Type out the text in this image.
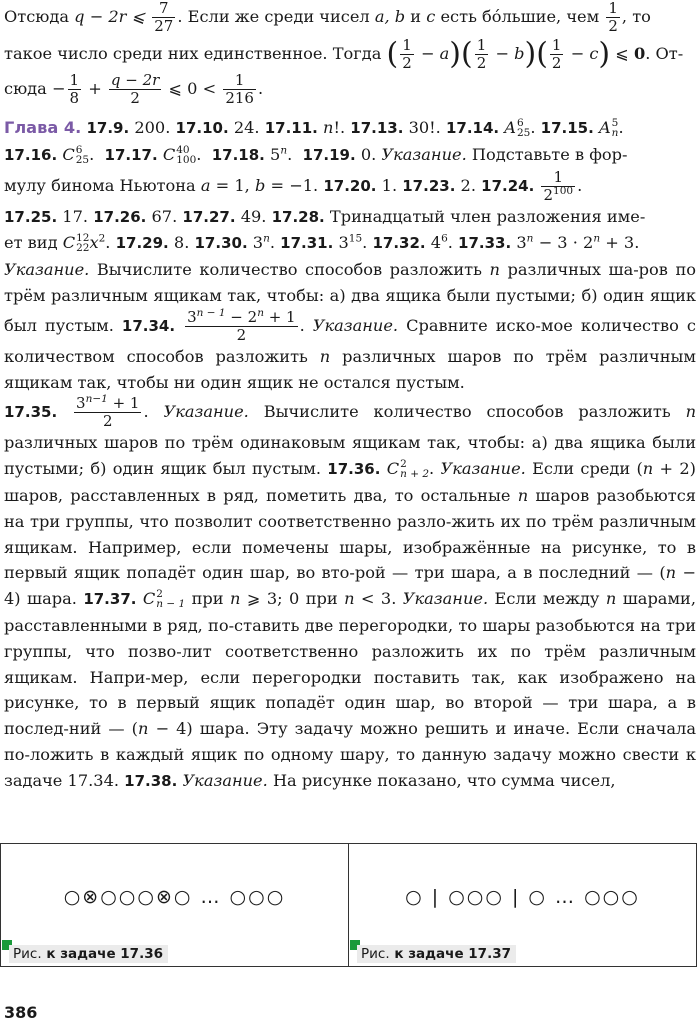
Отсюда q − 2r ⩽ $\frac{7}{27}$ . Если же среди чисел a, b и c есть бóльшие, чем $\frac{1}{2}$ , то

такое число среди них единственное. Тогда ( $\frac{1}{2} - a)( \frac{1}{2} - b)( \frac{1}{2} - c)$ ⩽ 0. От-

сюда − $\frac{1}{8} + \frac{q - 2r}{2}$ ⩽ $0 < \frac{1}{216}$ .

Глава 4. 17.9. 200. 17.10. 24. 17.11. n!. 17.13. 30!. 17.14. A 6
25 . 17.15. A 5
n .
17.16. C 6
25 .  17.17. C 40
100 .  17.18. 5$^n$.  17.19. 0. Указание. Подставьте в фор-
мулу бинома Ньютона a = 1, b = −1. 17.20. 1. 17.23. 2. 17.24. $\frac{1}{2^{100}}$ .
17.25. 17. 17.26. 67. 17.27. 49. 17.28. Тринадцатый член разложения име-
ет вид C 12
22 $x^2$. 17.29. 8. 17.30. 3$^n$. 17.31. $3^{15}$. 17.32. $4^6$. 17.33. $3^n - 3 \cdot 2^n + 3$.
Указание. Вычислите количество способов разложить n различных ша-ров по трём различным ящикам так, чтобы: а) два ящика были пустыми; б) один ящик был пустым. 17.34. $\frac{3^{n - 1} - 2^n + 1}{2}$ . Указание. Сравните иско-мое количество с количеством способов разложить n различных шаров по трём различным ящикам так, чтобы ни один ящик не остался пустым.
17.35. $\frac{3^{n-1} + 1}{2}$ . Указание. Вычислите количество способов разложить n различных шаров по трём одинаковым ящикам так, чтобы: а) два ящика были пустыми; б) один ящик был пустым. 17.36. C 2
n + 2 . Указание. Если среди (n + 2) шаров, расставленных в ряд, пометить два, то остальные n шаров разобьются на три группы, что позволит соответственно разло-жить их по трём различным ящикам. Например, если помечены шары, изображённые на рисунке, то в первый ящик попадёт один шар, во вто-рой — три шара, а в последний — (n − 4) шара. 17.37. C 2
n − 1 при n ⩾ 3; 0 при n < 3. Указание. Если между n шарами, расставленными в ряд, по-ставить две перегородки, то шары разобьются на три группы, что позво-лит соответственно разложить их по трём различным ящикам. Напри-мер, если перегородки поставить так, как изображено на рисунке, то в первый ящик попадёт один шар, во второй — три шара, а в послед-ний — (n − 4) шара. Эту задачу можно решить и иначе. Если сначала по-ложить в каждый ящик по одному шару, то данную задачу можно свести к задаче 17.34. 17.38. Указание. На рисунке показано, что сумма чисел,

○⊗○○○⊗○ … ○○○
Рис. к задаче 17.36
○ | ○○○ | ○ … ○○○
Рис. к задаче 17.37
386
